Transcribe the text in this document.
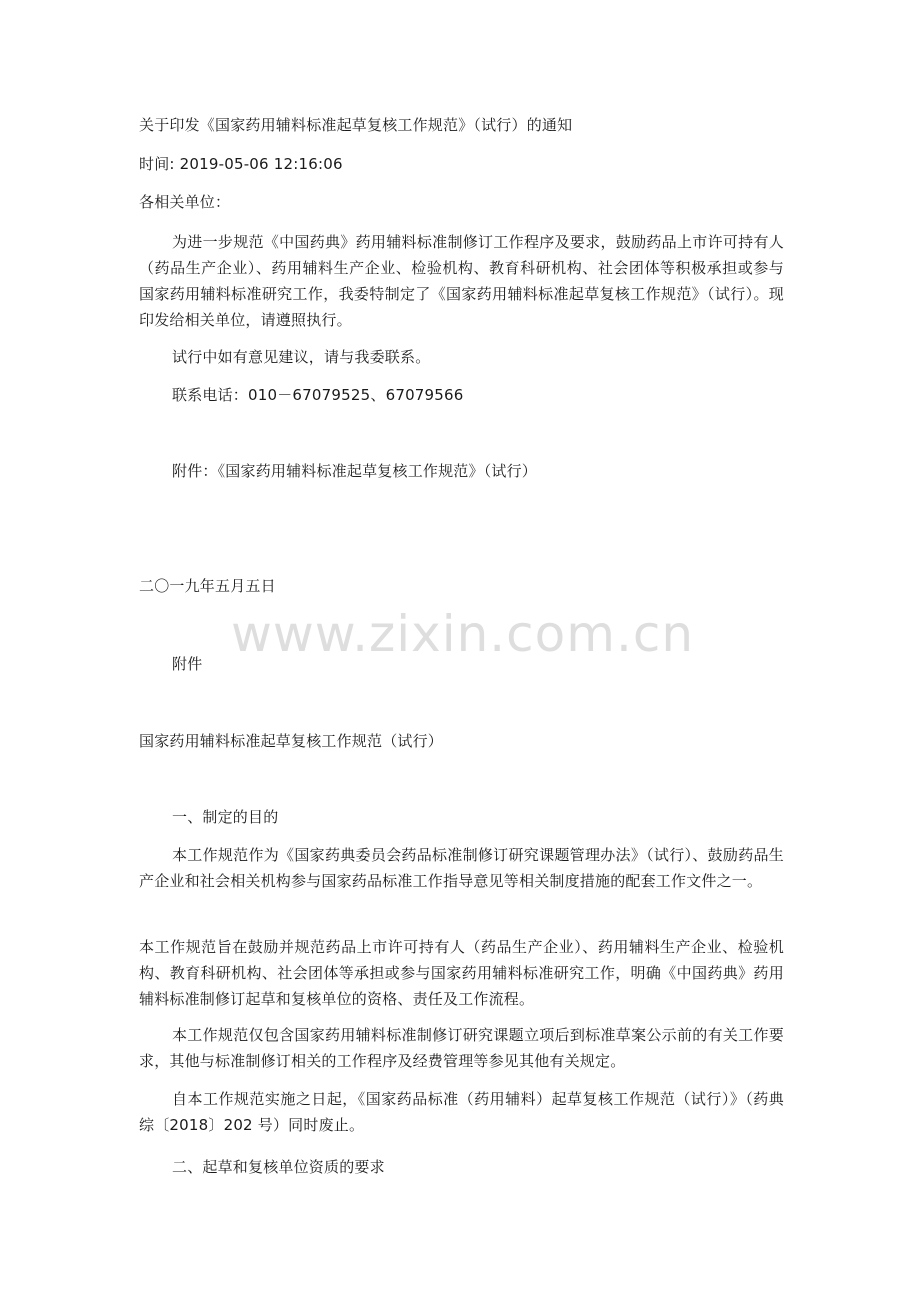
关于印发《国家药用辅料标准起草复核工作规范》（试行）的通知
时间: 2019-05-06 12:16:06
各相关单位：
为进一步规范《中国药典》药用辅料标准制修订工作程序及要求，鼓励药品上市许可持有人（药品生产企业）、药用辅料生产企业、检验机构、教育科研机构、社会团体等积极承担或参与国家药用辅料标准研究工作，我委特制定了《国家药用辅料标准起草复核工作规范》（试行）。现印发给相关单位，请遵照执行。
试行中如有意见建议，请与我委联系。
联系电话：010－67079525、67079566
附件：《国家药用辅料标准起草复核工作规范》（试行）
二〇一九年五月五日
www.zixin.com.cn
附件
国家药用辅料标准起草复核工作规范（试行）
一、制定的目的
本工作规范作为《国家药典委员会药品标准制修订研究课题管理办法》（试行）、鼓励药品生产企业和社会相关机构参与国家药品标准工作指导意见等相关制度措施的配套工作文件之一。
本工作规范旨在鼓励并规范药品上市许可持有人（药品生产企业）、药用辅料生产企业、检验机构、教育科研机构、社会团体等承担或参与国家药用辅料标准研究工作，明确《中国药典》药用辅料标准制修订起草和复核单位的资格、责任及工作流程。
本工作规范仅包含国家药用辅料标准制修订研究课题立项后到标准草案公示前的有关工作要求，其他与标准制修订相关的工作程序及经费管理等参见其他有关规定。
自本工作规范实施之日起，《国家药品标准（药用辅料）起草复核工作规范（试行）》（药典综〔2018〕202 号）同时废止。
二、起草和复核单位资质的要求
